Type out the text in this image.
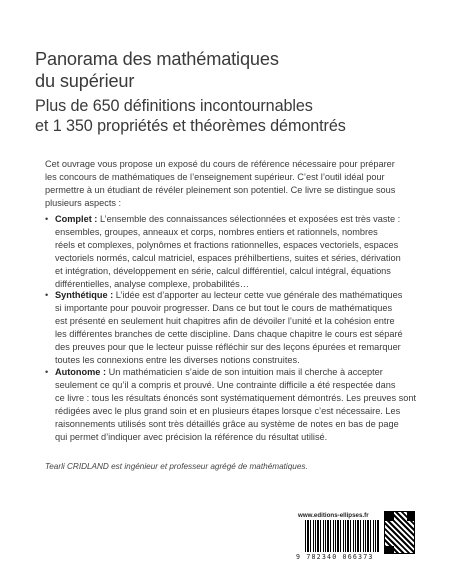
Panorama des mathématiques
du supérieur
Plus de 650 définitions incontournables
et 1 350 propriétés et théorèmes démontrés
Cet ouvrage vous propose un exposé du cours de référence nécessaire pour préparer
les concours de mathématiques de l’enseignement supérieur. C’est l’outil idéal pour
permettre à un étudiant de révéler pleinement son potentiel. Ce livre se distingue sous
plusieurs aspects :
• Complet : L’ensemble des connaissances sélectionnées et exposées est très vaste :
ensembles, groupes, anneaux et corps, nombres entiers et rationnels, nombres
réels et complexes, polynômes et fractions rationnelles, espaces vectoriels, espaces
vectoriels normés, calcul matriciel, espaces préhilbertiens, suites et séries, dérivation
et intégration, développement en série, calcul différentiel, calcul intégral, équations
différentielles, analyse complexe, probabilités…
• Synthétique : L’idée est d’apporter au lecteur cette vue générale des mathématiques
si importante pour pouvoir progresser. Dans ce but tout le cours de mathématiques
est présenté en seulement huit chapitres afin de dévoiler l’unité et la cohésion entre
les différentes branches de cette discipline. Dans chaque chapitre le cours est séparé
des preuves pour que le lecteur puisse réfléchir sur des leçons épurées et remarquer
toutes les connexions entre les diverses notions construites.
• Autonome : Un mathématicien s’aide de son intuition mais il cherche à accepter
seulement ce qu’il a compris et prouvé. Une contrainte difficile a été respectée dans
ce livre : tous les résultats énoncés sont systématiquement démontrés. Les preuves sont
rédigées avec le plus grand soin et en plusieurs étapes lorsque c’est nécessaire. Les
raisonnements utilisés sont très détaillés grâce au système de notes en bas de page
qui permet d’indiquer avec précision la référence du résultat utilisé.
Tearli CRIDLAND est ingénieur et professeur agrégé de mathématiques.
www.editions-ellipses.fr
9 782340 066373
